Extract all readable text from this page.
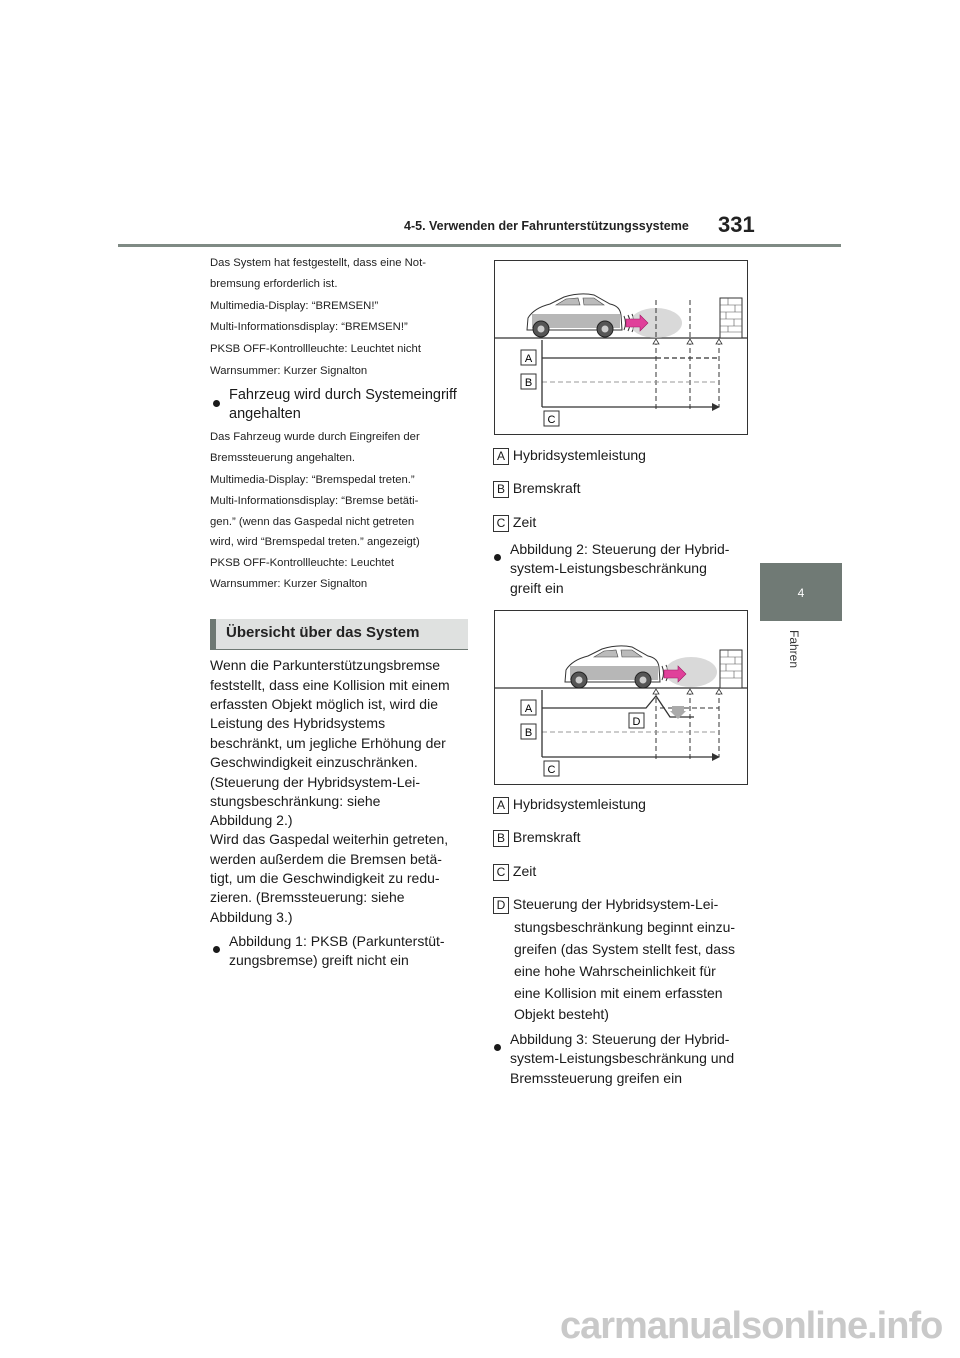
4-5. Verwenden der Fahrunterstützungssysteme 331
4
Fahren
Das System hat festgestellt, dass eine Not-
bremsung erforderlich ist.
Multimedia-Display: “BREMSEN!”
Multi-Informationsdisplay: “BREMSEN!”
PKSB OFF-Kontrollleuchte: Leuchtet nicht
Warnsummer: Kurzer Signalton
Fahrzeug wird durch Systemeingriff
angehalten
Das Fahrzeug wurde durch Eingreifen der
Bremssteuerung angehalten.
Multimedia-Display: “Bremspedal treten.”
Multi-Informationsdisplay: “Bremse betäti-
gen.” (wenn das Gaspedal nicht getreten
wird, wird “Bremspedal treten.” angezeigt)
PKSB OFF-Kontrollleuchte: Leuchtet
Warnsummer: Kurzer Signalton
Übersicht über das System
Wenn die Parkunterstützungsbremse
feststellt, dass eine Kollision mit einem
erfassten Objekt möglich ist, wird die
Leistung des Hybridsystems
beschränkt, um jegliche Erhöhung der
Geschwindigkeit einzuschränken.
(Steuerung der Hybridsystem-Lei-
stungsbeschränkung: siehe
Abbildung 2.)
Wird das Gaspedal weiterhin getreten,
werden außerdem die Bremsen betä-
tigt, um die Geschwindigkeit zu redu-
zieren. (Bremssteuerung: siehe
Abbildung 3.)
Abbildung 1: PKSB (Parkunterstüt-
zungsbremse) greift nicht ein
A
B
C
A Hybridsystemleistung
B Bremskraft
C Zeit
Abbildung 2: Steuerung der Hybrid-
system-Leistungsbeschränkung
greift ein
A
B
C
D
A Hybridsystemleistung
B Bremskraft
C Zeit
D Steuerung der Hybridsystem-Lei-
stungsbeschränkung beginnt einzu-
greifen (das System stellt fest, dass
eine hohe Wahrscheinlichkeit für
eine Kollision mit einem erfassten
Objekt besteht)
Abbildung 3: Steuerung der Hybrid-
system-Leistungsbeschränkung und
Bremssteuerung greifen ein
carmanualsonline.info
